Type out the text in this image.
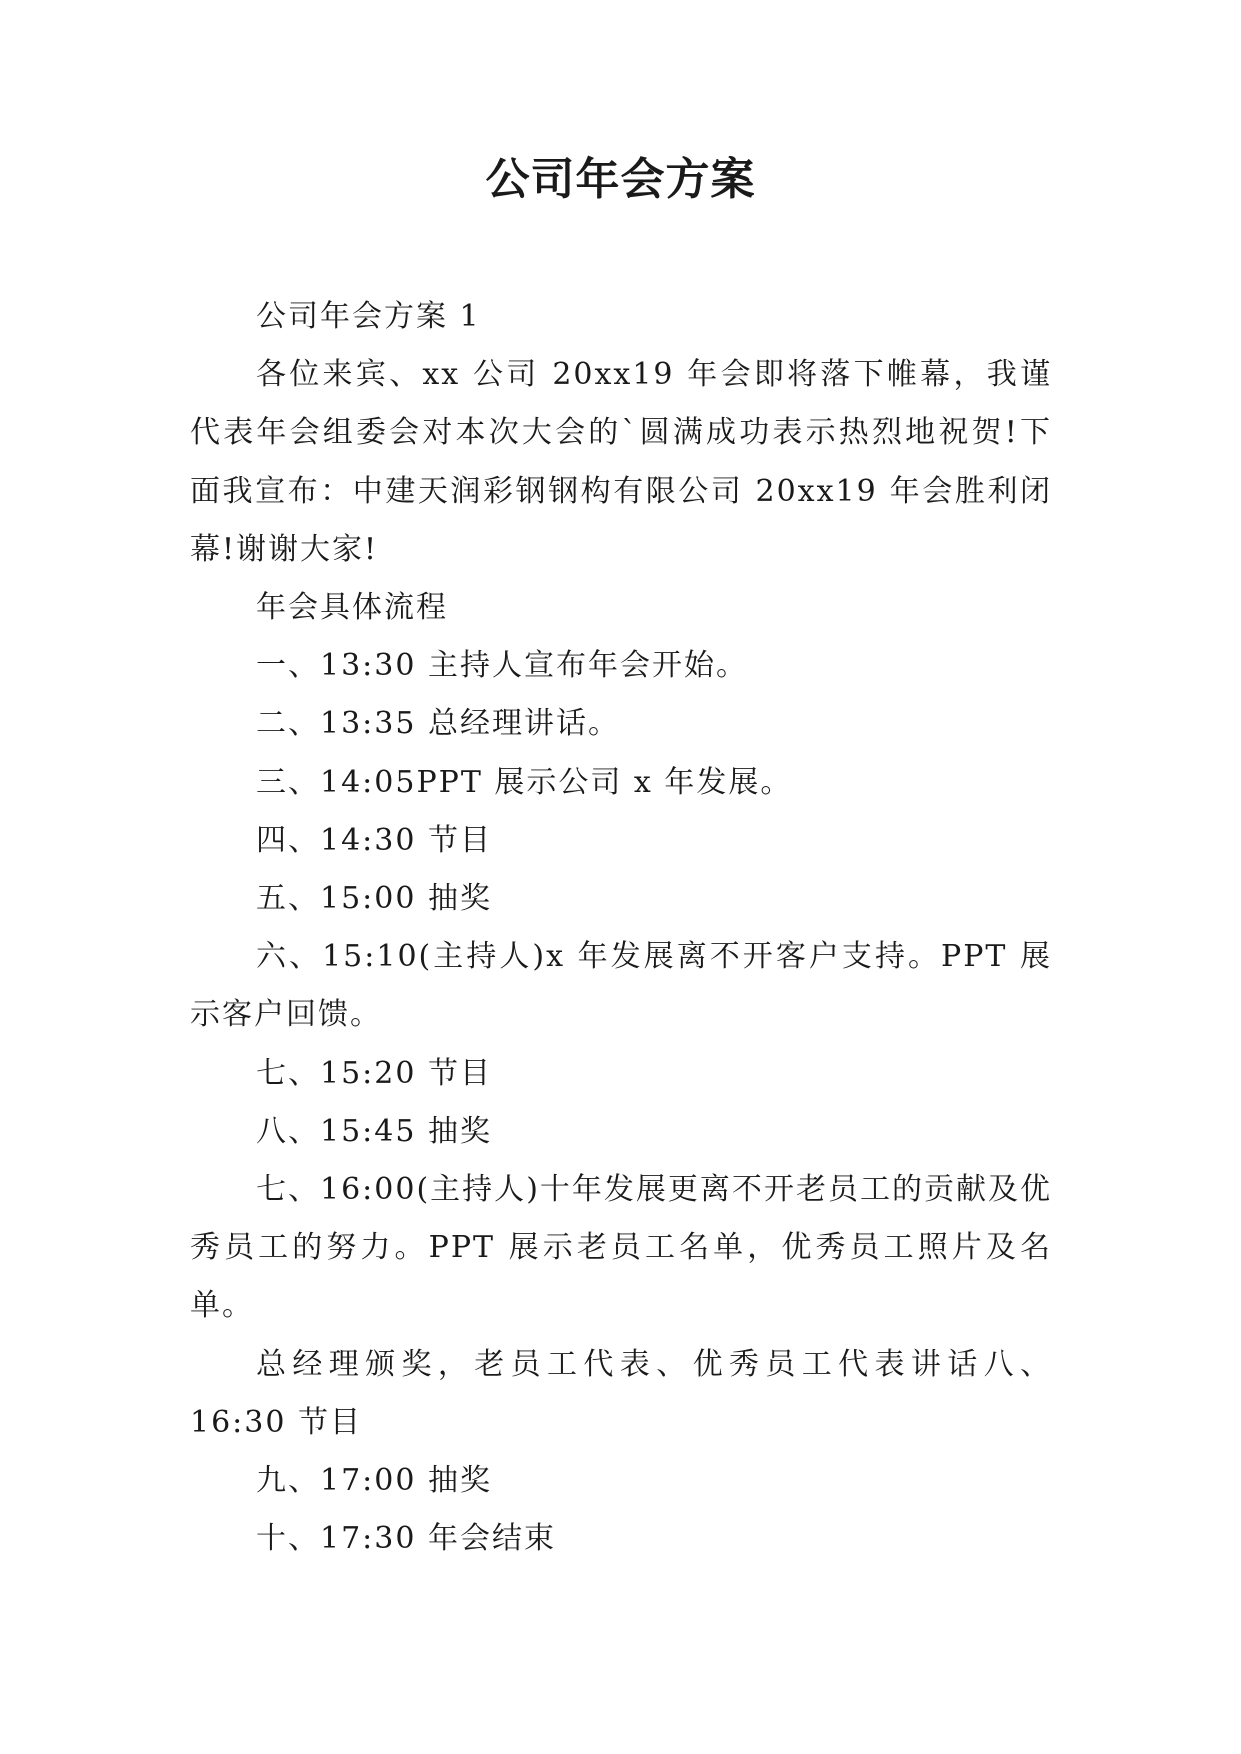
公司年会方案

公司年会方案 1

各位来宾、xx 公司 20xx19 年会即将落下帷幕，我谨代表年会组委会对本次大会的`圆满成功表示热烈地祝贺!下面我宣布：中建天润彩钢钢构有限公司 20xx19 年会胜利闭幕!谢谢大家!

年会具体流程

一、13:30 主持人宣布年会开始。

二、13:35 总经理讲话。

三、14:05PPT 展示公司 x 年发展。

四、14:30 节目

五、15:00 抽奖

六、15:10(主持人)x 年发展离不开客户支持。PPT 展示客户回馈。

七、15:20 节目

八、15:45 抽奖

七、16:00(主持人)十年发展更离不开老员工的贡献及优秀员工的努力。PPT 展示老员工名单，优秀员工照片及名单。

总经理颁奖，老员工代表、优秀员工代表讲话八、16:30 节目

九、17:00 抽奖

十、17:30 年会结束
